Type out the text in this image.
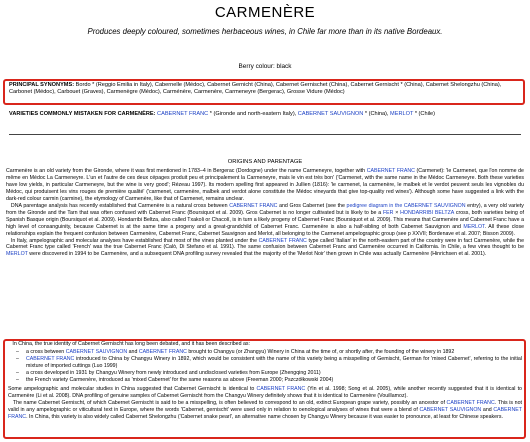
CARMENÈRE
Produces deeply coloured, sometimes herbaceous wines, in Chile far more than in its native Bordeaux.
Berry colour: black
PRINCIPAL SYNONYMS: Bordo * (Reggio Emilia in Italy), Cabernelle (Médoc), Cabernet Gernicht (China), Cabernet Gernischet (China), Cabernet Gernischt * (China), Cabernet Shelongzhu (China), Carbonet (Médoc), Carbouet (Graves), Carmenègre (Médoc), Carménère, Carmenère, Carmeneyre (Bergerac), Grosse Vidure (Médoc)
VARIETIES COMMONLY MISTAKEN FOR CARMENÈRE: CABERNET FRANC * (Gironde and north-eastern Italy), CABERNET SAUVIGNON * (China), MERLOT * (Chile)
ORIGINS AND PARENTAGE

Carmenère is an old variety from the Gironde, where it was first mentioned in 1783–4 in Bergerac (Dordogne) under the name Carmeneyre, together with CABERNET FRANC (Carmenet): 'le Carmenet, que l'on nomme de même en Médoc La Carmeneyre. L'un et l'autre de ces deux cépages produit peu et principalement la Carmeneyre, mais le vin est très bon' ('Carmenet, with the same name in the Médoc Carmeneyre. Both these varieties have low yields, in particular Carmeneyre, but the wine is very good'; Rézeau 1997). Its modern spelling first appeared in Jullien (1816): 'le carmenet, la carmenère, le malbek et le verdot peuvent seuls les vignobles du Médoc, qui produisent les vins rouges de première qualité' ('carmenet, carmenère, malbek and verdot alone constitute the Médoc vineyards that give top-quality red wines'). Although some have suggested a link with the dark-red colour carmin (carmine), the etymology of Carmenère, like that of Carmenet, remains unclear.

DNA parentage analysis has recently established that Carmenère is a natural cross between CABERNET FRANC and Gros Cabernet (see the pedigree diagram in the CABERNET SAUVIGNON entry), a very old variety from the Gironde and the Tarn that was often confused with Cabernet Franc (Boursiquot et al. 2009). Gros Cabernet is no longer cultivated but is likely to be a FER × HONDARRIBI BELTZA cross, both varieties being of Spanish Basque origin (Boursiquot et al. 2009). Hondarribi Beltza, also called Txakoli or Chacolí, is in turn a likely progeny of Cabernet Franc (Boursiquot et al. 2009). This means that Carmenère and Cabernet Franc have a high level of consanguinity, because Cabernet is at the same time a progeny and a great-grandchild of Cabernet Franc. Carmenère is also a half-sibling of both Cabernet Sauvignon and MERLOT. All these close relationships explain the frequent confusion between Carmenère, Cabernet Franc, Cabernet Sauvignon and Merlot, all belonging to the Carmenet ampelographic group (see p XXVII; Bordenave et al. 2007; Bisson 2009).

In Italy, ampelographic and molecular analyses have established that most of the vines planted under the CABERNET FRANC type called 'Italian' in the north-eastern part of the country were in fact Carmenère, while the Cabernet Franc type called 'French' was the true Cabernet Franc (Calò, Di Stefano et al. 1991). The same confusion between Cabernet Franc and Carmenère occurred in California. In Chile, a few vines thought to be MERLOT were discovered in 1994 to be Carmenère, and a subsequent DNA profiling survey revealed that the majority of the 'Merlot Noir' then grown in Chile was actually Carmenère (Hinrichsen et al. 2001).

In China, the true identity of Cabernet Gernischt has long been debated, and it has been described as:

– a cross between CABERNET SAUVIGNON and CABERNET FRANC brought to Changyu (or Zhangyu) Winery in China at the time of, or shortly after, the founding of the winery in 1892
– CABERNET FRANC introduced to China by Changyu Winery in 1892, which would be consistent with the name of this variety being a misspelling of Gemischt, German for 'mixed Cabernet', referring to the initial mixture of imported cuttings (Luo 1999)
– a cross developed in 1931 by Changyu Winery from newly introduced and undisclosed varieties from Europe (Zhengqing 2011)
– the French variety Carmenère, introduced as 'mixed Cabernet' for the same reasons as above (Freeman 2000; Pszczółkowski 2004)

Some ampelographic and molecular studies in China suggested that Cabernet Gernischt is identical to CABERNET FRANC (Yin et al. 1998; Song et al. 2005), while another recently suggested that it is identical to Carmenère (Li et al. 2008). DNA profiling of genuine samples of Cabernet Gernischt from the Changyu Winery definitely shows that it is identical to Carmenère (Vouillamoz).

The name Cabernet Gernischt, of which Cabernet Gernischt is said to be a misspelling, is often believed to correspond to an old, extinct European grape variety, possibly an ancestor of CABERNET FRANC. This is not valid in any ampelographic or viticultural text in Europe, where the words 'Cabernet, gernischt' were used only in relation to oenological analyses of wines that were a blend of CABERNET SAUVIGNON and CABERNET FRANC. In China, this variety is also widely called Cabernet Shelongzhu ('Cabernet snake pearl', an alternative name chosen by Changyu Winery because it was easier to pronounce, at least for Chinese speakers.
